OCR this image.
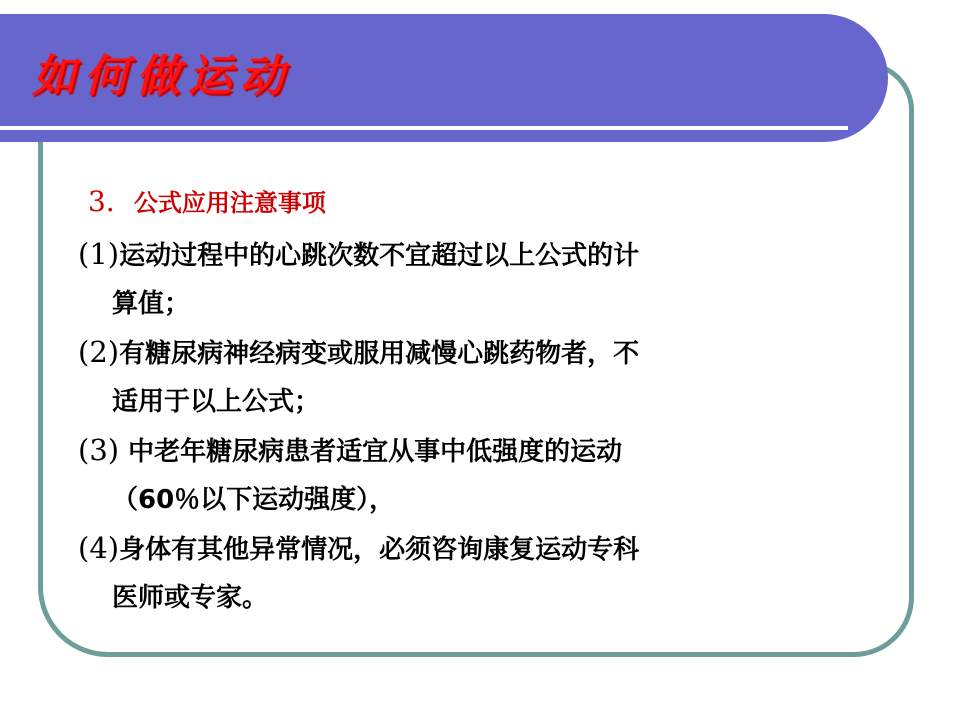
如何做运动
3．公式应用注意事项
(1)运动过程中的心跳次数不宜超过以上公式的计
算值；
(2)有糖尿病神经病变或服用减慢心跳药物者，不
适用于以上公式；
(3) 中老年糖尿病患者适宜从事中低强度的运动
（60％以下运动强度），
(4)身体有其他异常情况，必须咨询康复运动专科
医师或专家。
